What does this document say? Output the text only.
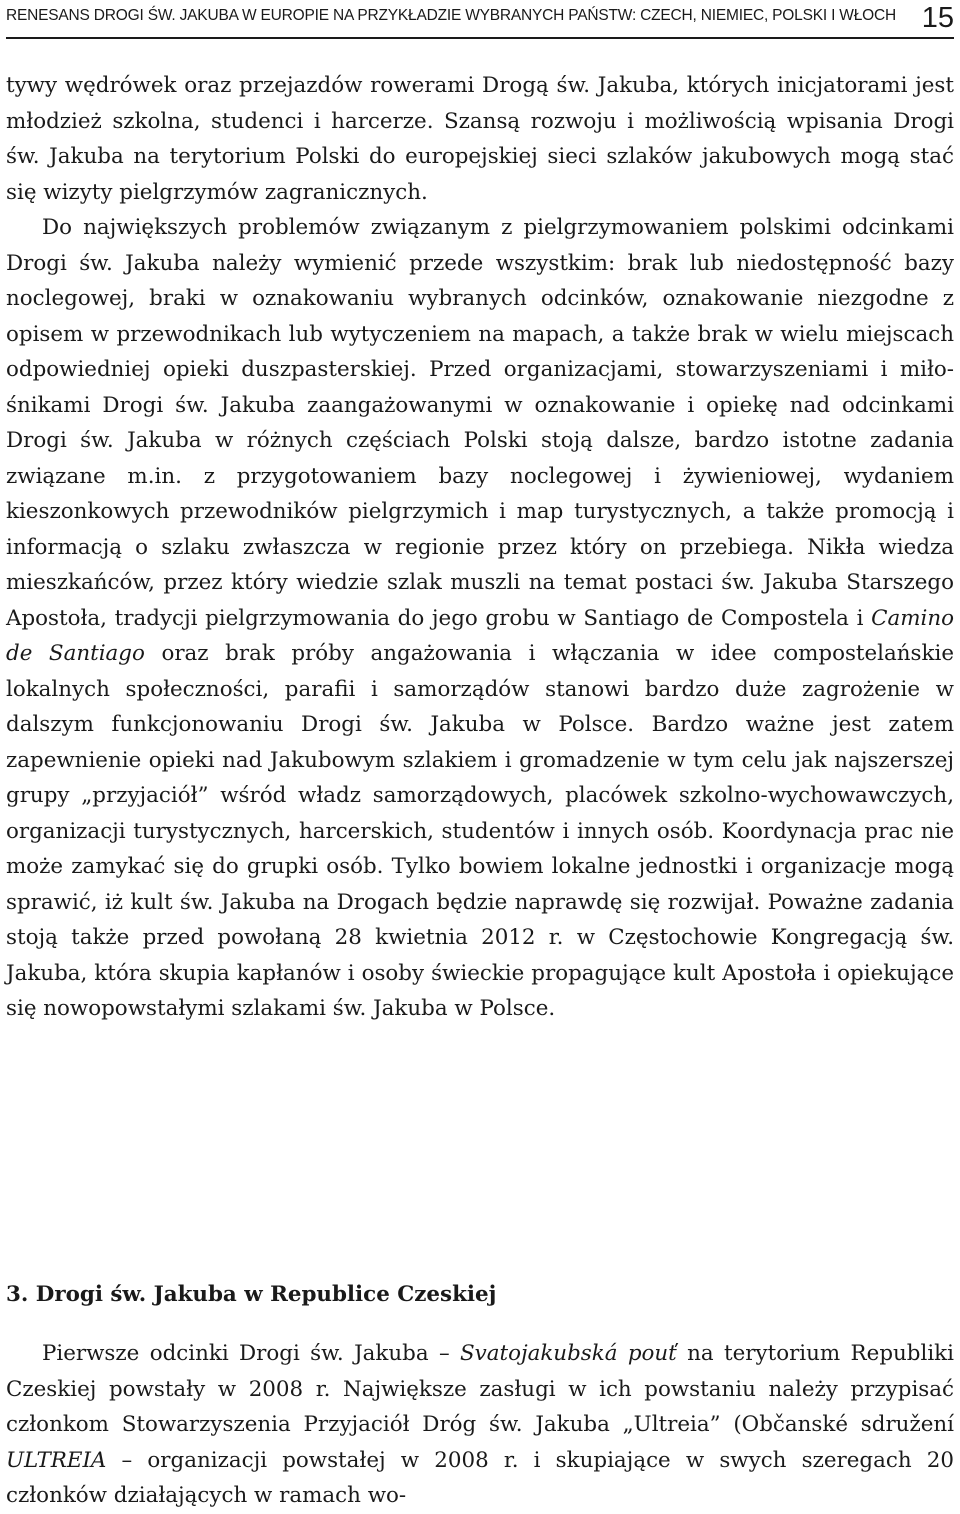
RENESANS DROGI ŚW. JAKUBA W EUROPIE NA PRZYKŁADZIE WYBRANYCH PAŃSTW: CZECH, NIEMIEC, POLSKI I WŁOCH 15

tywy wędrówek oraz przejazdów rowerami Drogą św. Jakuba, których inicjatorami jest młodzież szkolna, studenci i harcerze. Szansą rozwoju i możliwością wpisania Drogi św. Jakuba na terytorium Polski do europejskiej sieci szlaków jakubowych mogą stać się wizyty pielgrzymów zagranicznych.

Do największych problemów związanym z pielgrzymowaniem polskimi odcinkami Drogi św. Jakuba należy wymienić przede wszystkim: brak lub niedostępność bazy noclegowej, braki w oznakowaniu wybranych odcinków, oznakowanie niezgodne z opisem w przewodnikach lub wytyczeniem na mapach, a także brak w wielu miejscach odpowiedniej opieki duszpasterskiej. Przed organizacjami, stowarzyszeniami i miłośnikami Drogi św. Jakuba zaangażowanymi w oznakowanie i opiekę nad odcinkami Drogi św. Jakuba w różnych częściach Polski stoją dalsze, bardzo istotne zadania związane m.in. z przygotowaniem bazy noclegowej i żywieniowej, wydaniem kieszonkowych przewodników pielgrzymich i map turystycznych, a także promocją i informacją o szlaku zwłaszcza w regionie przez który on przebiega. Nikła wiedza mieszkańców, przez który wiedzie szlak muszli na temat postaci św. Jakuba Starszego Apostoła, tradycji pielgrzymowania do jego grobu w Santiago de Compostela i Camino de Santiago oraz brak próby angażowania i włączania w idee compostelańskie lokalnych społeczności, parafii i samorządów stanowi bardzo duże zagrożenie w dalszym funkcjonowaniu Drogi św. Jakuba w Polsce. Bardzo ważne jest zatem zapewnienie opieki nad Jakubowym szlakiem i gromadzenie w tym celu jak najszerszej grupy „przyjaciół” wśród władz samorządowych, placówek szkolno-wychowawczych, organizacji turystycznych, harcerskich, studentów i innych osób. Koordynacja prac nie może zamykać się do grupki osób. Tylko bowiem lokalne jednostki i organizacje mogą sprawić, iż kult św. Jakuba na Drogach będzie naprawdę się rozwijał. Poważne zadania stoją także przed powołaną 28 kwietnia 2012 r. w Częstochowie Kongregacją św. Jakuba, która skupia kapłanów i osoby świeckie propagujące kult Apostoła i opiekujące się nowopowstałymi szlakami św. Jakuba w Polsce.

3. Drogi św. Jakuba w Republice Czeskiej

Pierwsze odcinki Drogi św. Jakuba – Svatojakubská pouť na terytorium Republiki Czeskiej powstały w 2008 r. Największe zasługi w ich powstaniu należy przypisać członkom Stowarzyszenia Przyjaciół Dróg św. Jakuba „Ultreia” (Občanské sdružení ULTREIA – organizacji powstałej w 2008 r. i skupiające w swych szeregach 20 członków działających w ramach wo-
